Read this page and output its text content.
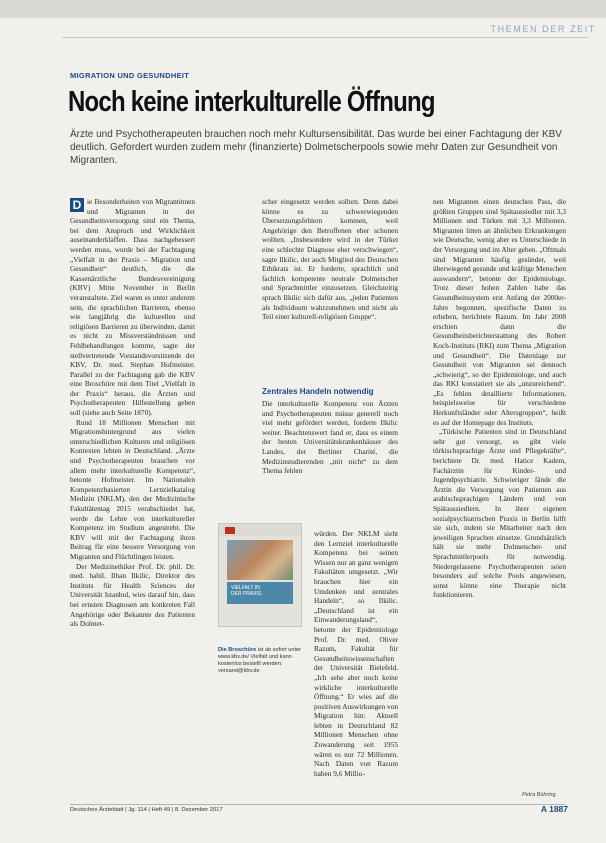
THEMEN DER ZEIT
MIGRATION UND GESUNDHEIT
Noch keine interkulturelle Öffnung
Ärzte und Psychotherapeuten brauchen noch mehr Kultursensibilität. Das wurde bei einer Fachtagung der KBV deutlich. Gefordert wurden zudem mehr (finanzierte) Dolmetscherpools sowie mehr Daten zur Gesundheit von Migranten.

D ie Besonderheiten von Migrantinnen und Migranten in der Gesundheitsversorgung sind ein Thema, bei dem Anspruch und Wirklichkeit auseinanderklaffen. Dass nachgebessert werden muss, wurde bei der Fachtagung „Vielfalt in der Praxis – Migration und Gesundheit“ deutlich, die die Kassenärztliche Bundesvereinigung (KBV) Mitte November in Berlin veranstaltete. Ziel waren es unter anderem sein, die sprachlichen Barrieren, ebenso wie langjährig die kulturellen und religiösen Barrieren zu überwinden, damit es nicht zu Missverständnissen und Fehlbehandlungen komme, sagte der stellvertretende Vorstandsvorsitzende der KBV, Dr. med. Stephan Hofmeister. Parallel zu der Fachtagung gab die KBV eine Broschüre mit dem Titel „Vielfalt in der Praxis“ heraus, die Ärzten und Psychotherapeuten Hilfestellung geben soll (siehe auch Seite 1870).

Rund 18 Millionen Menschen mit Migrationshintergrund aus vielen unterschiedlichen Kulturen und religiösen Kontexten lebten in Deutschland. „Ärzte und Psychotherapeuten brauchen vor allem mehr interkulturelle Kompetenz“, betonte Hofmeister. Im Nationalen Kompetenzbasierten Lernzielkatalog Medizin (NKLM), den der Medizinische Fakultätentag 2015 verabschiedet hat, werde die Lehre von interkultureller Kompetenz im Studium angestrebt. Die KBV will mit der Fachtagung ihren Beitrag für eine bessere Versorgung von Migranten und Flüchtlingen leisten.

Der Medizinethiker Prof. Dr. phil. Dr. med. habil. Ilhan Ilkilic, Direktor des Instituts für Health Sciences der Universität Istanbul, wies darauf hin, dass bei ernsten Diagnosen am konkreten Fall Angehörige oder Bekannte des Patienten als Dolmet-

scher eingesetzt werden sollten. Denn dabei könne es zu schwerwiegenden Übersetzungsfehlern kommen, weil Angehörige den Betroffenen eher schonen wollten. „Insbesondere wird in der Türkei eine schlechte Diagnose eher verschwiegen“, sagte Ilkilic, der auch Mitglied des Deutschen Ethikrats ist. Er forderte, sprachlich und fachlich kompetente neutrale Dolmetscher und Sprachmittler einzusetzen. Gleichzeitig sprach Ilkilic sich dafür aus, „jeden Patienten als Individuum wahrzunehmen und nicht als Teil einer kulturell-religiösen Gruppe“.
Zentrales Handeln notwendig
Die interkulturelle Kompetenz von Ärzten und Psychotherapeuten müsse generell noch viel mehr gefördert werden, forderte Ilkilic weiter. Beachtenswert fand er, dass es einem der besten Universitätskrankenhäuser des Landes, der Berliner Charité, die Medizinstudierenden „mit nicht“ zu dem Thema fehlen
würden. Der NKLM sieht den Lernziel interkulturelle Kompetenz bei seinen Wissen nur an ganz wenigen Fakultäten umgesetzt. „Wir brauchen hier ein Umdenken und zentrales Handeln“, so Ilkilic. „Deutschland ist ein Einwanderungsland“, betonte der Epidemiologe Prof. Dr. med. Oliver Razum, Fakultät für Gesundheitswissenschaften der Universität Bielefeld. „Ich sehe aber noch keine wirkliche interkulturelle Öffnung.“ Er wies auf die positiven Auswirkungen von Migration hin: Aktuell lebten in Deutschland 82 Millionen Menschen ohne Zuwanderung seit 1955 wären es nur 72 Millionen. Nach Daten von Razum haben 9,6 Millio-
VIELFALT IN
DER PRAXIS
Die Broschüre ist ab sofort unter www.kbv.de/ Vielfalt und kann kostenlos bestellt werden: versand@kbv.de

nen Migranten einen deutschen Pass, die größten Gruppen sind Spätaussiedler mit 3,3 Millionen und Türken mit 3,3 Millionen. Migranten litten an ähnlichen Erkrankungen wie Deutsche, wenig aber es Unterschiede in der Versorgung und im Alter geben. „Oftmals sind Migranten häufig gesünder, weil überwiegend gesunde und kräftige Menschen auswandern“, betonte der Epidemiologe. Trotz dieser hohen Zahlen habe das Gesundheitssystem erst Anfang der 2000er-Jahre begonnen, spezifische Daten zu erheben, berichtete Razum. Im Jahr 2008 erschien dann die Gesundheitsberichterstattung des Robert Koch-Instituts (RKI) zum Thema „Migration und Gesundheit“. Die Datenlage zur Gesundheit von Migranten sei dennoch „schwierig“, so der Epidemiologe, und auch das RKI konstatiert sie als „unzureichend“. „Es fehlen detaillierte Informationen, beispielsweise für verschiedene Herkunftsländer oder Altersgruppen“, heißt es auf der Homepage des Instituts.

„Türkische Patienten sind in Deutschland sehr gut versorgt, es gibt viele türkischsprachige Ärzte und Pflegekräfte“, berichtete Dr. med. Hatice Kadem, Fachärztin für Kinder- und Jugendpsychiatrie. Schwieriger fände die Ärztin die Versorgung von Patienten aus arabischsprachigen Ländern und von Spätaussiedlern. In ihrer eigenen sozialpsychiatrischen Praxis in Berlin hilft sie sich, indem sie Mitarbeiter nach den jeweiligen Sprachen einsetze. Grundsätzlich hält sie mehr Dolmetscher- und Sprachmittlerpools für notwendig. Niedergelassene Psychotherapeuten seien besonders auf solche Pools angewiesen, sonst könne eine Therapie nicht funktionieren.

Petra Bühring
Deutsches Ärzteblatt | Jg. 114 | Heft 49 | 8. Dezember 2017	A 1887
